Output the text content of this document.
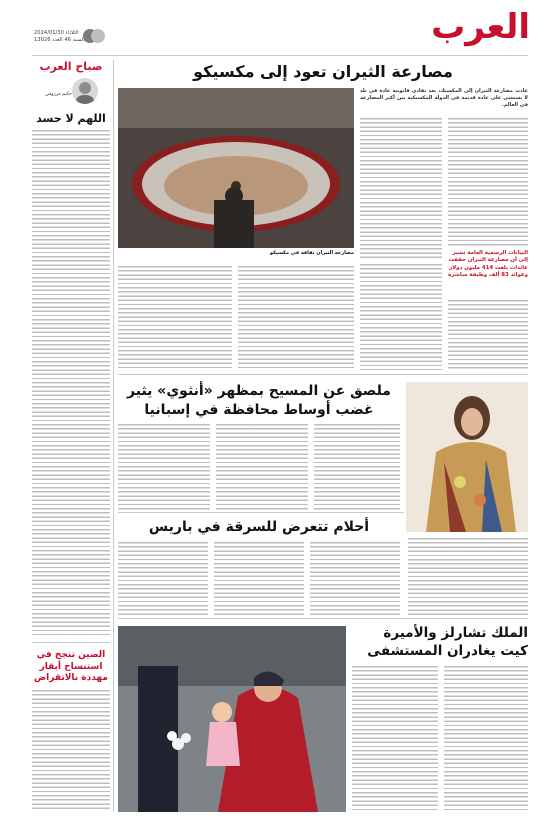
العرب
الثلاثاء 2024/01/30
السنة 46 العدد 13026
صباح العرب
حكيم مرزوقي
اللهم لا حسد
الصين تنجح في استنساخ أبقار مهددة بالانقراض
مصارعة الثيران تعود إلى مكسيكو
عادت مصارعة الثيران إلى المكسيك، بعد تفادي قانونية عادة في بلد لا يستغني على عادة قديمة في الدولة المكسيكية بين أكبر المصارعة في العالم.
مصارعة الثيران ثقافة في مكسيكو	البيانات الرسمية العامة تشير إلى أن مصارعة الثيران حققت عائدات بلغت 414 مليون دولار وعوائد 83 ألف وظيفة مباشرة
ملصق عن المسيح بمظهر «أنثوي» يثير غضب أوساط محافظة في إسبانيا
أحلام تتعرض للسرقة في باريس
الملك تشارلز والأميرة كيت يغادران المستشفى
